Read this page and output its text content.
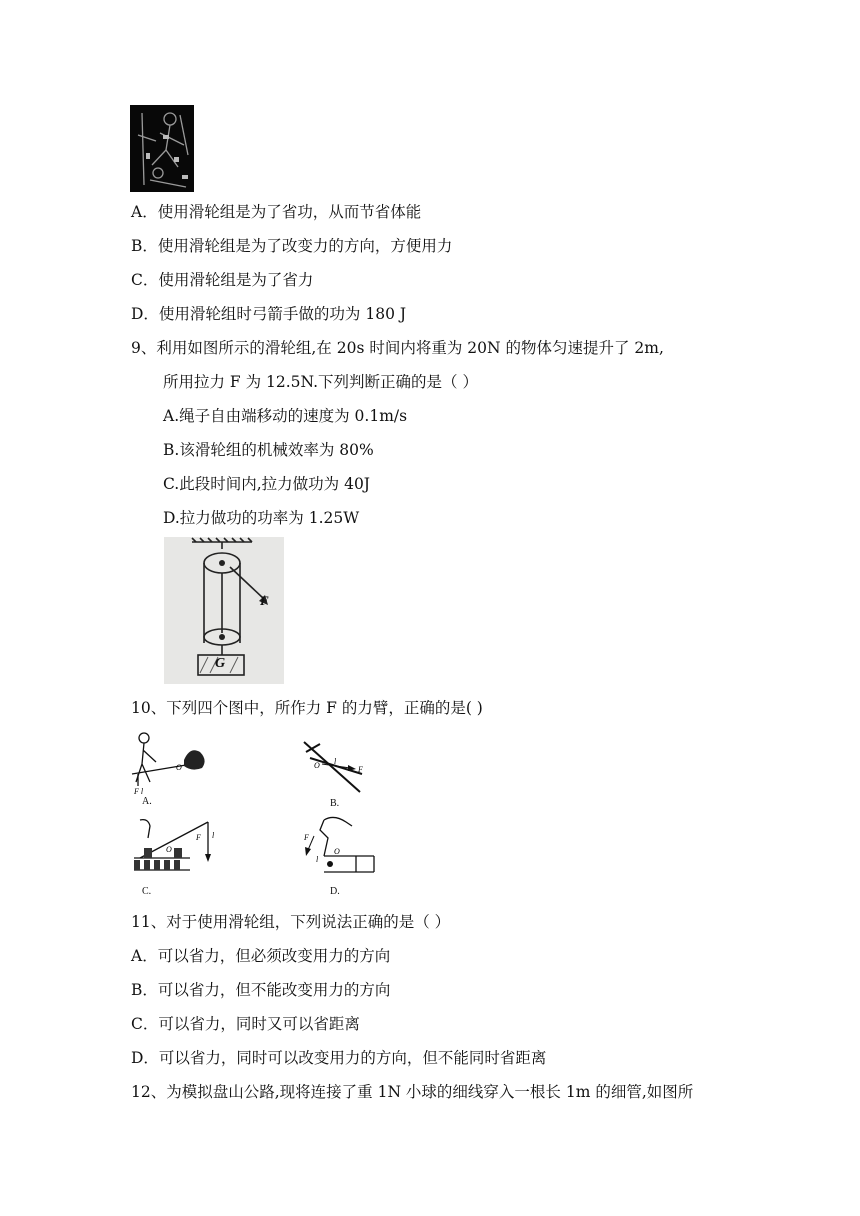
A．使用滑轮组是为了省功，从而节省体能
B．使用滑轮组是为了改变力的方向，方便用力
C．使用滑轮组是为了省力
D．使用滑轮组时弓箭手做的功为 180 J
9、利用如图所示的滑轮组,在 20s 时间内将重为 20N 的物体匀速提升了 2m,
所用拉力 F 为 12.5N.下列判断正确的是（ ）
A.绳子自由端移动的速度为 0.1m/s
B.该滑轮组的机械效率为 80%
C.此段时间内,拉力做功为 40J
D.拉力做功的功率为 1.25W
F
G
10、下列四个图中，所作力 F 的力臂，正确的是( )
F l
O
A.
O l
F
B.
O
F l
C.
F
l
O
D.
11、对于使用滑轮组，下列说法正确的是（ ）
A．可以省力，但必须改变用力的方向
B．可以省力，但不能改变用力的方向
C．可以省力，同时又可以省距离
D．可以省力，同时可以改变用力的方向，但不能同时省距离
12、为模拟盘山公路,现将连接了重 1N 小球的细线穿入一根长 1m 的细管,如图所
